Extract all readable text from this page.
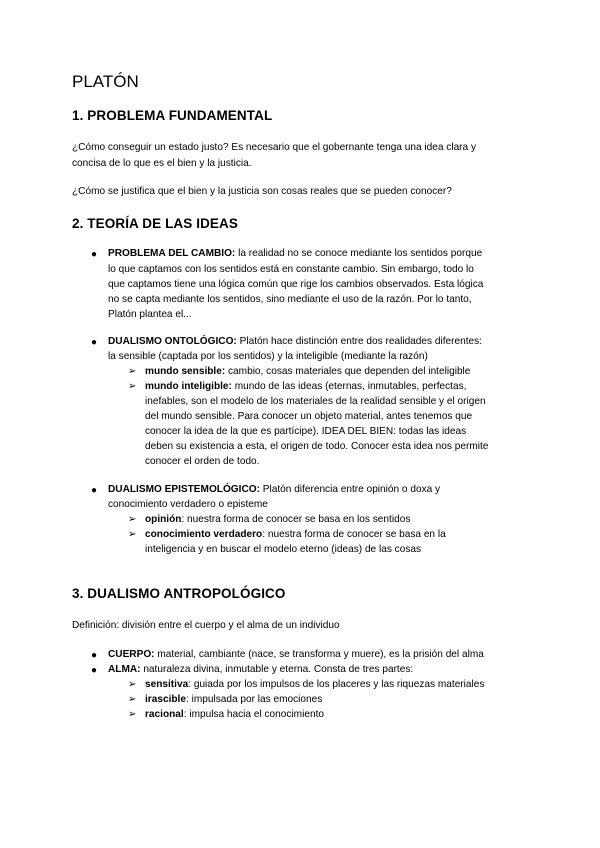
PLATÓN
1. PROBLEMA FUNDAMENTAL
¿Cómo conseguir un estado justo? Es necesario que el gobernante tenga una idea clara y
concisa de lo que es el bien y la justicia.
¿Cómo se justifica que el bien y la justicia son cosas reales que se pueden conocer?
2. TEORÍA DE LAS IDEAS
● PROBLEMA DEL CAMBIO: la realidad no se conoce mediante los sentidos porque
lo que captamos con los sentidos está en constante cambio. Sin embargo, todo lo
que captamos tiene una lógica común que rige los cambios observados. Esta lógica
no se capta mediante los sentidos, sino mediante el uso de la razón. Por lo tanto,
Platón plantea el...
● DUALISMO ONTOLÓGICO: Platón hace distinción entre dos realidades diferentes:
la sensible (captada por los sentidos) y la inteligible (mediante la razón)
➢ mundo sensible: cambio, cosas materiales que dependen del inteligible
➢ mundo inteligible: mundo de las ideas (eternas, inmutables, perfectas,
inefables, son el modelo de los materiales de la realidad sensible y el origen
del mundo sensible. Para conocer un objeto material, antes tenemos que
conocer la idea de la que es partícipe). IDEA DEL BIEN: todas las ideas
deben su existencia a esta, el origen de todo. Conocer esta idea nos permite
conocer el orden de todo.
● DUALISMO EPISTEMOLÓGICO: Platón diferencia entre opinión o doxa y
conocimiento verdadero o episteme
➢ opinión: nuestra forma de conocer se basa en los sentidos
➢ conocimiento verdadero: nuestra forma de conocer se basa en la
inteligencia y en buscar el modelo eterno (ideas) de las cosas
3. DUALISMO ANTROPOLÓGICO
Definición: división entre el cuerpo y el alma de un individuo
● CUERPO: material, cambiante (nace, se transforma y muere), es la prisión del alma
● ALMA: naturaleza divina, inmutable y eterna. Consta de tres partes:
➢ sensitiva: guiada por los impulsos de los placeres y las riquezas materiales
➢ irascible: impulsada por las emociones
➢ racional: impulsa hacia el conocimiento
